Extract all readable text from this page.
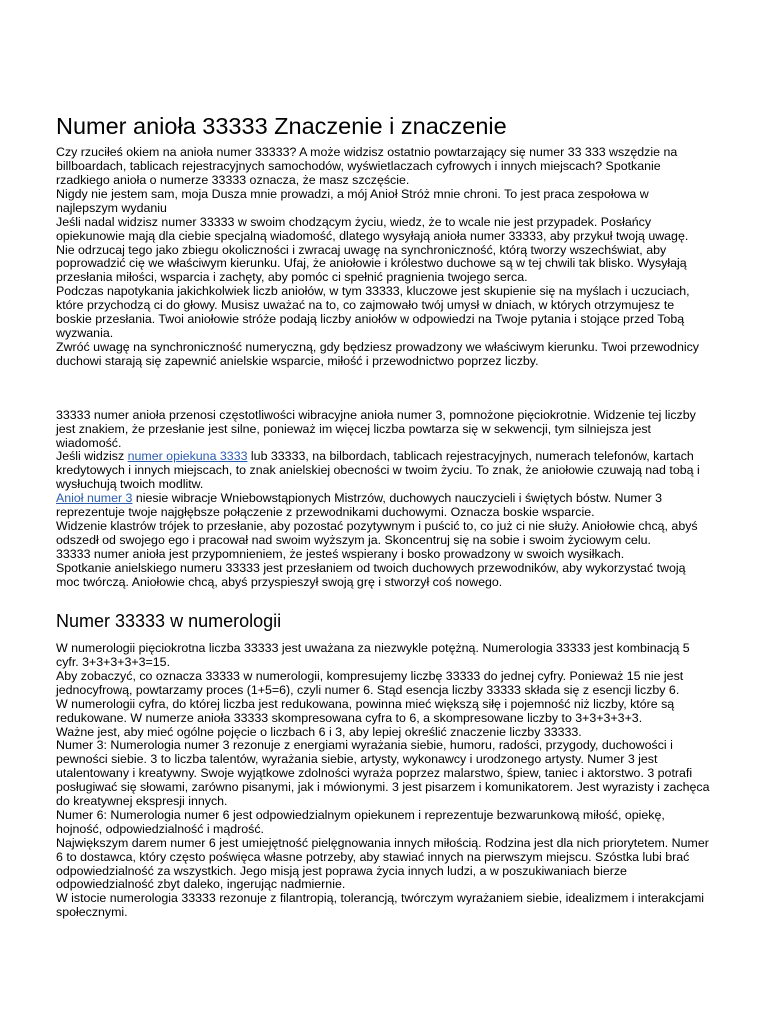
Numer anioła 33333 Znaczenie i znaczenie

Czy rzuciłeś okiem na anioła numer 33333? A może widzisz ostatnio powtarzający się numer 33 333 wszędzie na billboardach, tablicach rejestracyjnych samochodów, wyświetlaczach cyfrowych i innych miejscach? Spotkanie rzadkiego anioła o numerze 33333 oznacza, że masz szczęście.

Nigdy nie jestem sam, moja Dusza mnie prowadzi, a mój Anioł Stróż mnie chroni. To jest praca zespołowa w najlepszym wydaniu

Jeśli nadal widzisz numer 33333 w swoim chodzącym życiu, wiedz, że to wcale nie jest przypadek. Posłańcy opiekunowie mają dla ciebie specjalną wiadomość, dlatego wysyłają anioła numer 33333, aby przykuł twoją uwagę.

Nie odrzucaj tego jako zbiegu okoliczności i zwracaj uwagę na synchroniczność, którą tworzy wszechświat, aby poprowadzić cię we właściwym kierunku. Ufaj, że aniołowie i królestwo duchowe są w tej chwili tak blisko. Wysyłają przesłania miłości, wsparcia i zachęty, aby pomóc ci spełnić pragnienia twojego serca.

Podczas napotykania jakichkolwiek liczb aniołów, w tym 33333, kluczowe jest skupienie się na myślach i uczuciach, które przychodzą ci do głowy. Musisz uważać na to, co zajmowało twój umysł w dniach, w których otrzymujesz te boskie przesłania. Twoi aniołowie stróże podają liczby aniołów w odpowiedzi na Twoje pytania i stojące przed Tobą wyzwania.

Zwróć uwagę na synchroniczność numeryczną, gdy będziesz prowadzony we właściwym kierunku. Twoi przewodnicy duchowi starają się zapewnić anielskie wsparcie, miłość i przewodnictwo poprzez liczby.

33333 numer anioła przenosi częstotliwości wibracyjne anioła numer 3, pomnożone pięciokrotnie. Widzenie tej liczby jest znakiem, że przesłanie jest silne, ponieważ im więcej liczba powtarza się w sekwencji, tym silniejsza jest wiadomość.

Jeśli widzisz numer opiekuna 3333 lub 33333, na bilbordach, tablicach rejestracyjnych, numerach telefonów, kartach kredytowych i innych miejscach, to znak anielskiej obecności w twoim życiu. To znak, że aniołowie czuwają nad tobą i wysłuchują twoich modlitw.

Anioł numer 3 niesie wibracje Wniebowstąpionych Mistrzów, duchowych nauczycieli i świętych bóstw. Numer 3 reprezentuje twoje najgłębsze połączenie z przewodnikami duchowymi. Oznacza boskie wsparcie.

Widzenie klastrów trójek to przesłanie, aby pozostać pozytywnym i puścić to, co już ci nie służy. Aniołowie chcą, abyś odszedł od swojego ego i pracował nad swoim wyższym ja. Skoncentruj się na sobie i swoim życiowym celu.

33333 numer anioła jest przypomnieniem, że jesteś wspierany i bosko prowadzony w swoich wysiłkach.

Spotkanie anielskiego numeru 33333 jest przesłaniem od twoich duchowych przewodników, aby wykorzystać twoją moc twórczą. Aniołowie chcą, abyś przyspieszył swoją grę i stworzył coś nowego.

Numer 33333 w numerologii

W numerologii pięciokrotna liczba 33333 jest uważana za niezwykle potężną. Numerologia 33333 jest kombinacją 5 cyfr. 3+3+3+3+3=15.

Aby zobaczyć, co oznacza 33333 w numerologii, kompresujemy liczbę 33333 do jednej cyfry. Ponieważ 15 nie jest jednocyfrową, powtarzamy proces (1+5=6), czyli numer 6. Stąd esencja liczby 33333 składa się z esencji liczby 6.

W numerologii cyfra, do której liczba jest redukowana, powinna mieć większą siłę i pojemność niż liczby, które są redukowane. W numerze anioła 33333 skompresowana cyfra to 6, a skompresowane liczby to 3+3+3+3+3.

Ważne jest, aby mieć ogólne pojęcie o liczbach 6 i 3, aby lepiej określić znaczenie liczby 33333.

Numer 3: Numerologia numer 3 rezonuje z energiami wyrażania siebie, humoru, radości, przygody, duchowości i pewności siebie. 3 to liczba talentów, wyrażania siebie, artysty, wykonawcy i urodzonego artysty. Numer 3 jest utalentowany i kreatywny. Swoje wyjątkowe zdolności wyraża poprzez malarstwo, śpiew, taniec i aktorstwo. 3 potrafi posługiwać się słowami, zarówno pisanymi, jak i mówionymi. 3 jest pisarzem i komunikatorem. Jest wyrazisty i zachęca do kreatywnej ekspresji innych.

Numer 6: Numerologia numer 6 jest odpowiedzialnym opiekunem i reprezentuje bezwarunkową miłość, opiekę, hojność, odpowiedzialność i mądrość.

Największym darem numer 6 jest umiejętność pielęgnowania innych miłością. Rodzina jest dla nich priorytetem. Numer 6 to dostawca, który często poświęca własne potrzeby, aby stawiać innych na pierwszym miejscu. Szóstka lubi brać odpowiedzialność za wszystkich. Jego misją jest poprawa życia innych ludzi, a w poszukiwaniach bierze odpowiedzialność zbyt daleko, ingerując nadmiernie.

W istocie numerologia 33333 rezonuje z filantropią, tolerancją, twórczym wyrażaniem siebie, idealizmem i interakcjami społecznymi.
